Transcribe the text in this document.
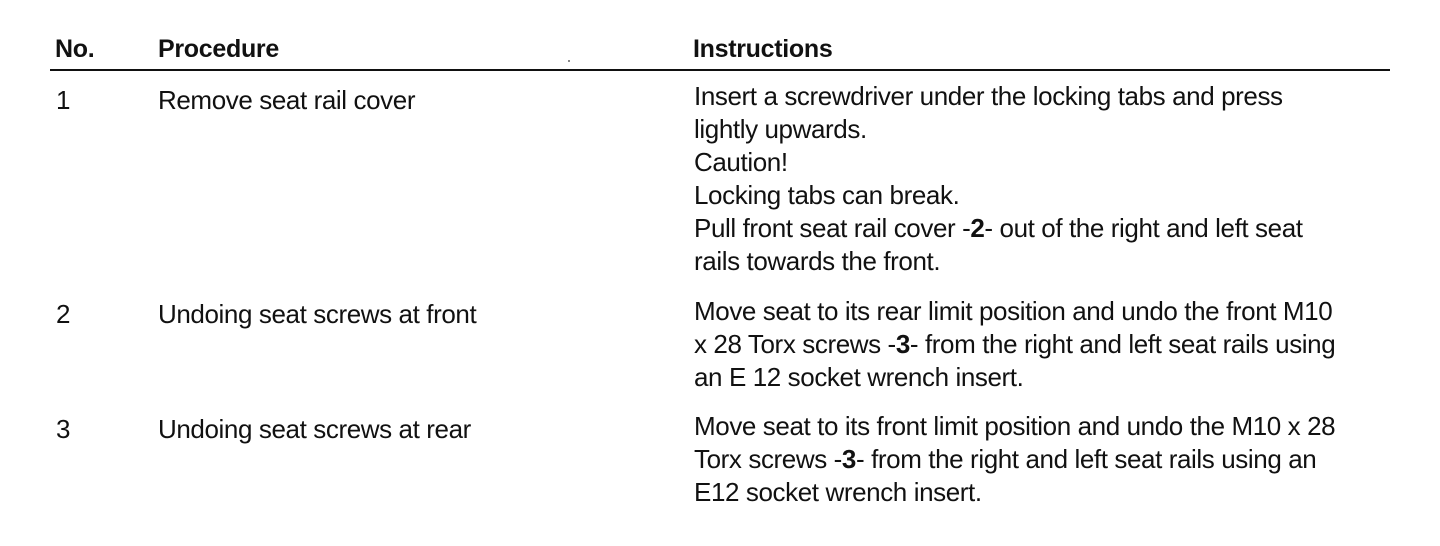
No.	Procedure	Instructions
1	Remove seat rail cover	Insert a screwdriver under the locking tabs and press
lightly upwards.
Caution!
Locking tabs can break.
Pull front seat rail cover -2- out of the right and left seat
rails towards the front.
2	Undoing seat screws at front	Move seat to its rear limit position and undo the front M10
x 28 Torx screws -3- from the right and left seat rails using
an E 12 socket wrench insert.
3	Undoing seat screws at rear	Move seat to its front limit position and undo the M10 x 28
Torx screws -3- from the right and left seat rails using an
E12 socket wrench insert.
